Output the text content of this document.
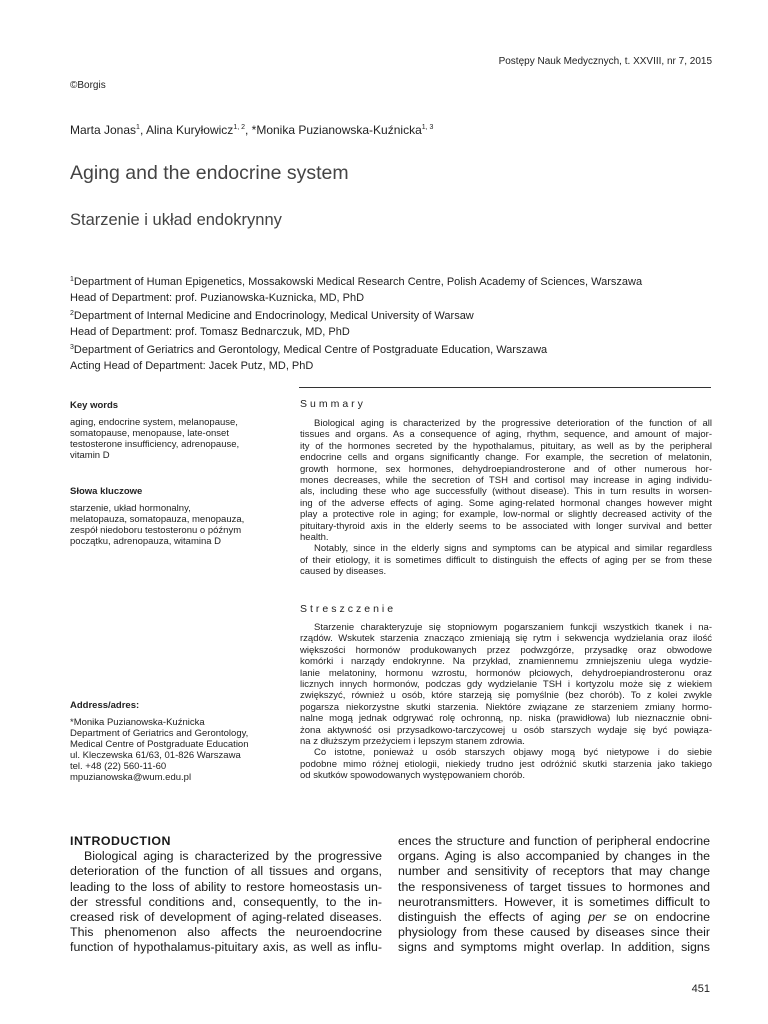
Postępy Nauk Medycznych, t. XXVIII, nr 7, 2015
©Borgis
Marta Jonas$^1$, Alina Kuryłowicz$^{1, 2}$, *Monika Puzianowska-Kuźnicka$^{1, 3}$
Aging and the endocrine system
Starzenie i układ endokrynny
$^1$Department of Human Epigenetics, Mossakowski Medical Research Centre, Polish Academy of Sciences, Warszawa
Head of Department: prof. Puzianowska-Kuznicka, MD, PhD
$^2$Department of Internal Medicine and Endocrinology, Medical University of Warsaw
Head of Department: prof. Tomasz Bednarczuk, MD, PhD
$^3$Department of Geriatrics and Gerontology, Medical Centre of Postgraduate Education, Warszawa
Acting Head of Department: Jacek Putz, MD, PhD
Key words
aging, endocrine system, melanopause,
somatopause, menopause, late-onset
testosterone insufficiency, adrenopause,
vitamin D
Słowa kluczowe
starzenie, układ hormonalny,
melatopauza, somatopauza, menopauza,
zespół niedoboru testosteronu o późnym
początku, adrenopauza, witamina D
Address/adres:
*Monika Puzianowska-Kuźnicka
Department of Geriatrics and Gerontology,
Medical Centre of Postgraduate Education
ul. Kleczewska 61/63, 01-826 Warszawa
tel. +48 (22) 560-11-60
mpuzianowska@wum.edu.pl
Summary
Biological aging is characterized by the progressive deterioration of the function of all
tissues and organs. As a consequence of aging, rhythm, sequence, and amount of major-
ity of the hormones secreted by the hypothalamus, pituitary, as well as by the peripheral
endocrine cells and organs significantly change. For example, the secretion of melatonin,
growth hormone, sex hormones, dehydroepiandrosterone and of other numerous hor-
mones decreases, while the secretion of TSH and cortisol may increase in aging individu-
als, including these who age successfully (without disease). This in turn results in worsen-
ing of the adverse effects of aging. Some aging-related hormonal changes however might
play a protective role in aging; for example, low-normal or slightly decreased activity of the
pituitary-thyroid axis in the elderly seems to be associated with longer survival and better
health.
Notably, since in the elderly signs and symptoms can be atypical and similar regardless
of their etiology, it is sometimes difficult to distinguish the effects of aging per se from these
caused by diseases.
Streszczenie
Starzenie charakteryzuje się stopniowym pogarszaniem funkcji wszystkich tkanek i na-
rządów. Wskutek starzenia znacząco zmieniają się rytm i sekwencja wydzielania oraz ilość
większości hormonów produkowanych przez podwzgórze, przysadkę oraz obwodowe
komórki i narządy endokrynne. Na przykład, znamiennemu zmniejszeniu ulega wydzie-
lanie melatoniny, hormonu wzrostu, hormonów płciowych, dehydroepiandrosteronu oraz
licznych innych hormonów, podczas gdy wydzielanie TSH i kortyzolu może się z wiekiem
zwiększyć, również u osób, które starzeją się pomyślnie (bez chorób). To z kolei zwykle
pogarsza niekorzystne skutki starzenia. Niektóre związane ze starzeniem zmiany hormo-
nalne mogą jednak odgrywać rolę ochronną, np. niska (prawidłowa) lub nieznacznie obni-
żona aktywność osi przysadkowo-tarczycowej u osób starszych wydaje się być powiąza-
na z dłuższym przeżyciem i lepszym stanem zdrowia.
Co istotne, ponieważ u osób starszych objawy mogą być nietypowe i do siebie
podobne mimo różnej etiologii, niekiedy trudno jest odróżnić skutki starzenia jako takiego
od skutków spowodowanych występowaniem chorób.
INTRODUCTION
Biological aging is characterized by the progressive
deterioration of the function of all tissues and organs,
leading to the loss of ability to restore homeostasis un-
der stressful conditions and, consequently, to the in-
creased risk of development of aging-related diseases.
This phenomenon also affects the neuroendocrine
function of hypothalamus-pituitary axis, as well as influ-
ences the structure and function of peripheral endocrine
organs. Aging is also accompanied by changes in the
number and sensitivity of receptors that may change
the responsiveness of target tissues to hormones and
neurotransmitters. However, it is sometimes difficult to
distinguish the effects of aging per se on endocrine
physiology from these caused by diseases since their
signs and symptoms might overlap. In addition, signs
451
